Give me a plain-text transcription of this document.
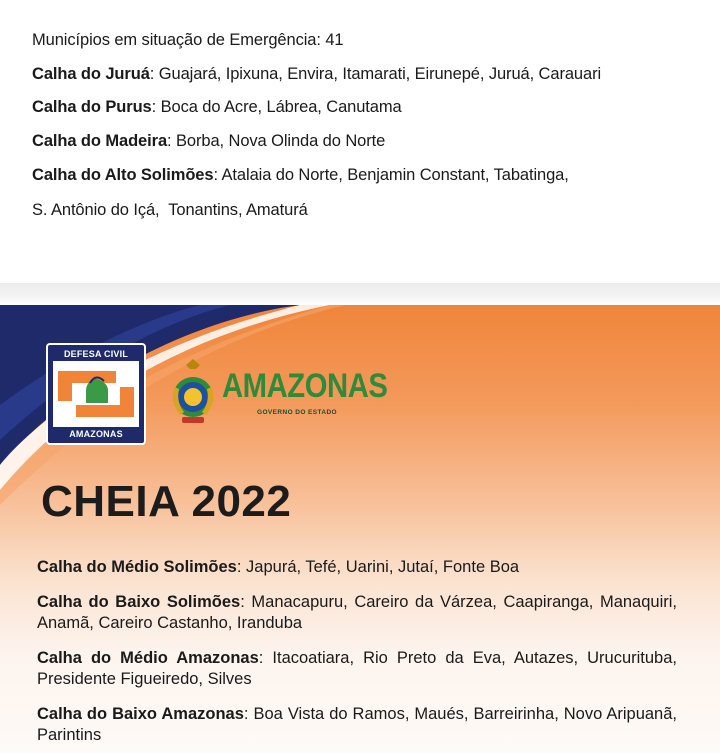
Municípios em situação de Emergência: 41
Calha do Juruá: Guajará, Ipixuna, Envira, Itamarati, Eirunepé, Juruá, Carauari
Calha do Purus: Boca do Acre, Lábrea, Canutama
Calha do Madeira: Borba, Nova Olinda do Norte
Calha do Alto Solimões: Atalaia do Norte, Benjamin Constant, Tabatinga,
S. Antônio do Içá,  Tonantins, Amaturá
DEFESA CIVIL
AMAZONAS
AMAZONAS
GOVERNO DO ESTADO
CHEIA 2022
Calha do Médio Solimões: Japurá, Tefé, Uarini, Jutaí, Fonte Boa
Calha do Baixo Solimões: Manacapuru, Careiro da Várzea, Caapiranga, Manaquiri, Anamã, Careiro Castanho, Iranduba
Calha do Médio Amazonas: Itacoatiara, Rio Preto da Eva, Autazes, Urucurituba, Presidente Figueiredo, Silves
Calha do Baixo Amazonas: Boa Vista do Ramos, Maués, Barreirinha, Novo Aripuanã, Parintins
